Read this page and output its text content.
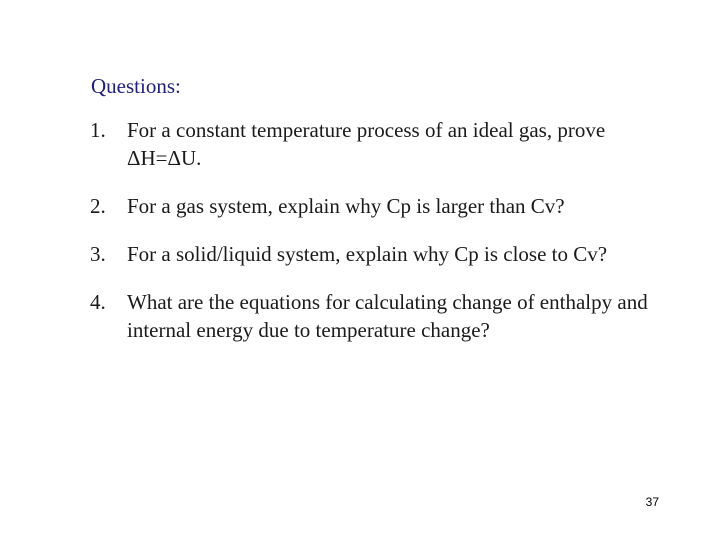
Questions:
1. For a constant temperature process of an ideal gas, prove ΔH=ΔU.
2. For a gas system, explain why Cp is larger than Cv?
3. For a solid/liquid system, explain why Cp is close to Cv?
4. What are the equations for calculating change of enthalpy and internal energy due to temperature change?
37
